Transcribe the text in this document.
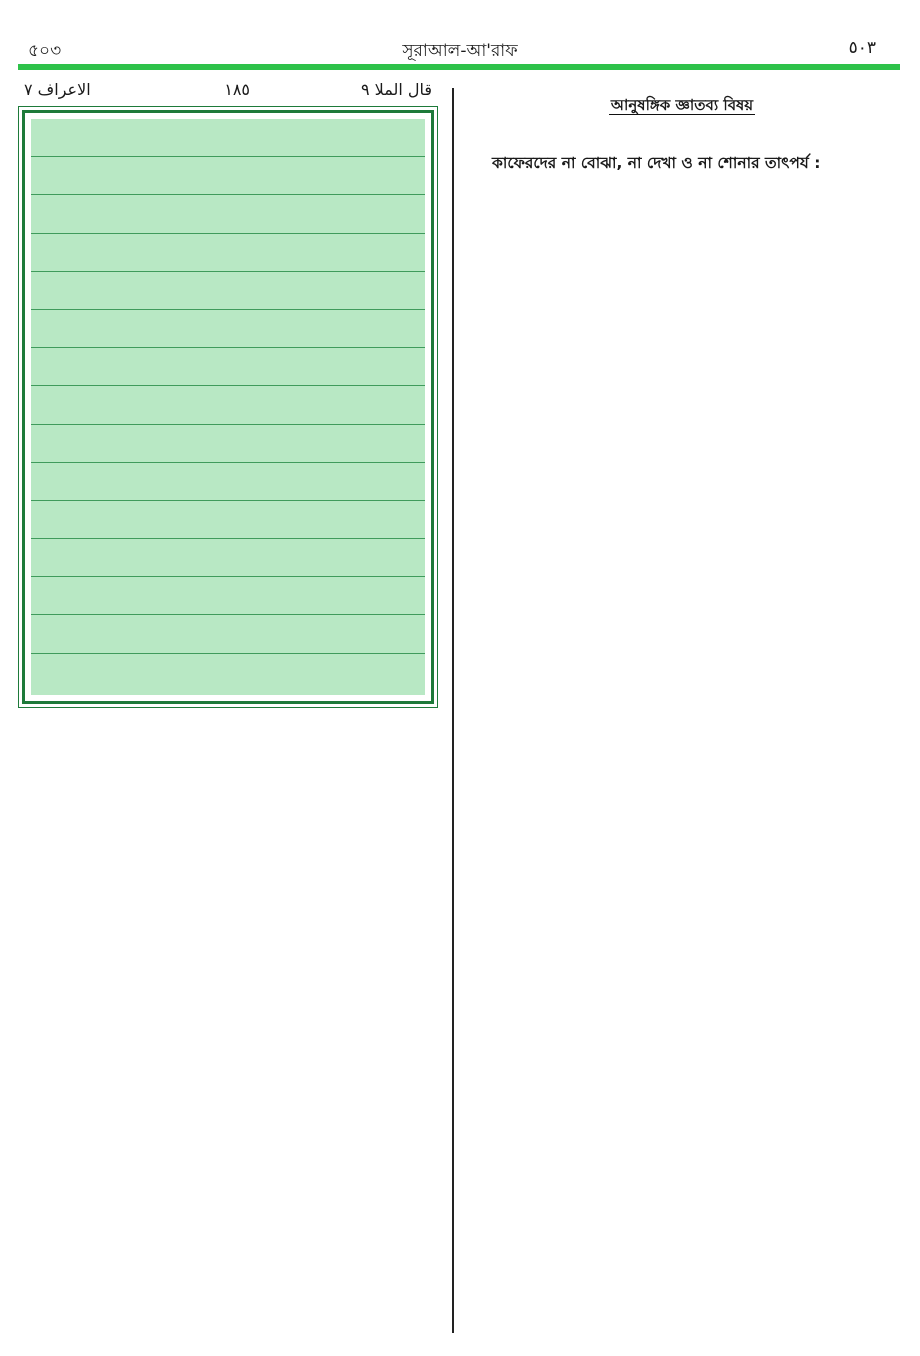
৫০৩	সূরাআল-আ'রাফ	٥٠٣
قال الملا ٩
١٨٥
الاعراف ٧
আনুষঙ্গিক জ্ঞাতব্য বিষয়

কাফেরদের না বোঝা, না দেখা ও না শোনার তাৎপর্য :
